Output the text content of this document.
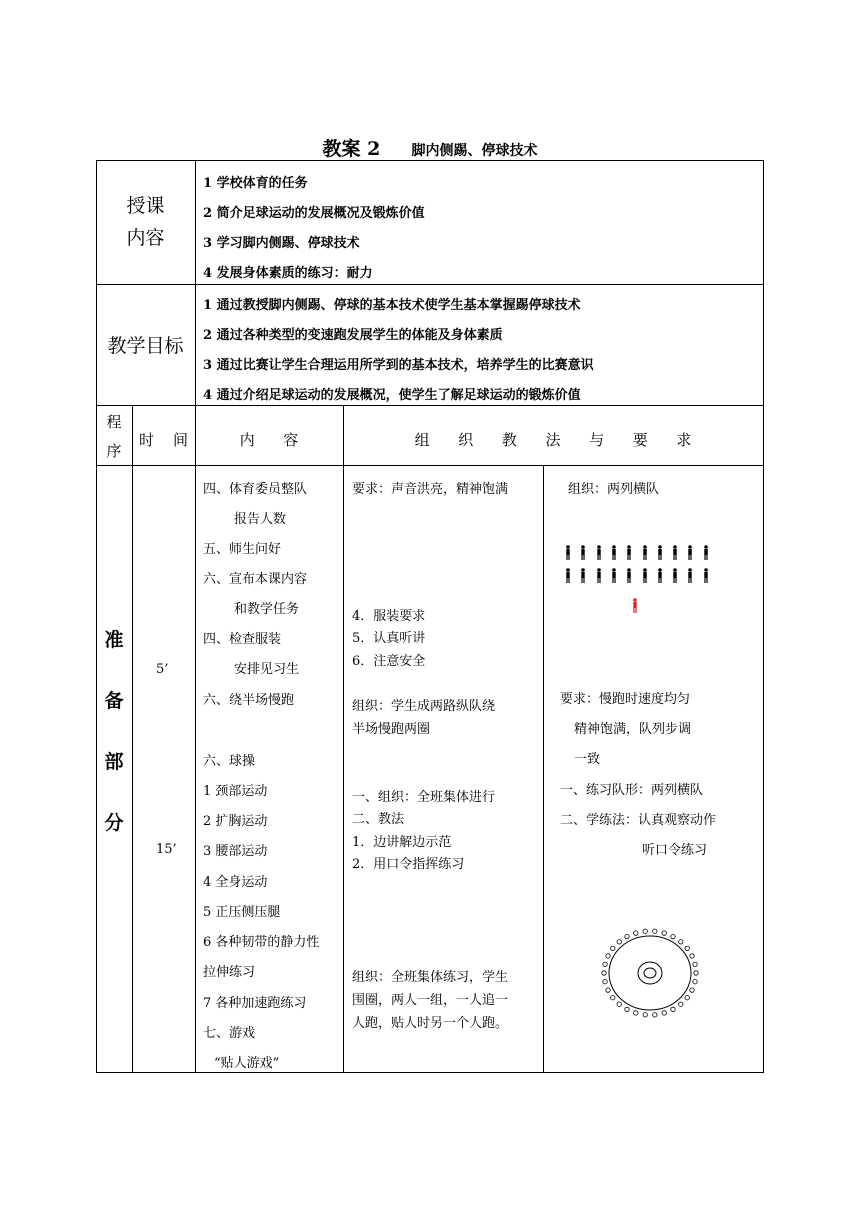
教案 2 脚内侧踢、停球技术
授课
内容
1 学校体育的任务
2 简介足球运动的发展概况及锻炼价值
3 学习脚内侧踢、停球技术
4 发展身体素质的练习：耐力
教学目标
1 通过教授脚内侧踢、停球的基本技术使学生基本掌握踢停球技术
2 通过各种类型的变速跑发展学生的体能及身体素质
3 通过比赛让学生合理运用所学到的基本技术，培养学生的比赛意识
4 通过介绍足球运动的发展概况，使学生了解足球运动的锻炼价值
程
序
时    间	内      容	组      织      教      法      与      要      求
准
备
部
分
5’
15’
四、体育委员整队
报告人数
五、师生问好
六、宣布本课内容
和教学任务
四、检查服装
安排见习生
六、绕半场慢跑
六、球操
1 颈部运动
2 扩胸运动
3 腰部运动
4 全身运动
5 正压侧压腿
6 各种韧带的静力性
拉伸练习
7 各种加速跑练习
七、游戏
“贴人游戏”
要求：声音洪亮，精神饱满
4．服装要求
5．认真听讲
6．注意安全
组织：学生成两路纵队绕
半场慢跑两圈
一、组织：全班集体进行
二、教法
1．边讲解边示范
2．用口令指挥练习
组织：全班集体练习，学生
围圈，两人一组，一人追一
人跑，贴人时另一个人跑。
组织：两列横队
要求：慢跑时速度均匀
精神饱满，队列步调
一致
一、练习队形：两列横队
二、学练法：认真观察动作
听口令练习
